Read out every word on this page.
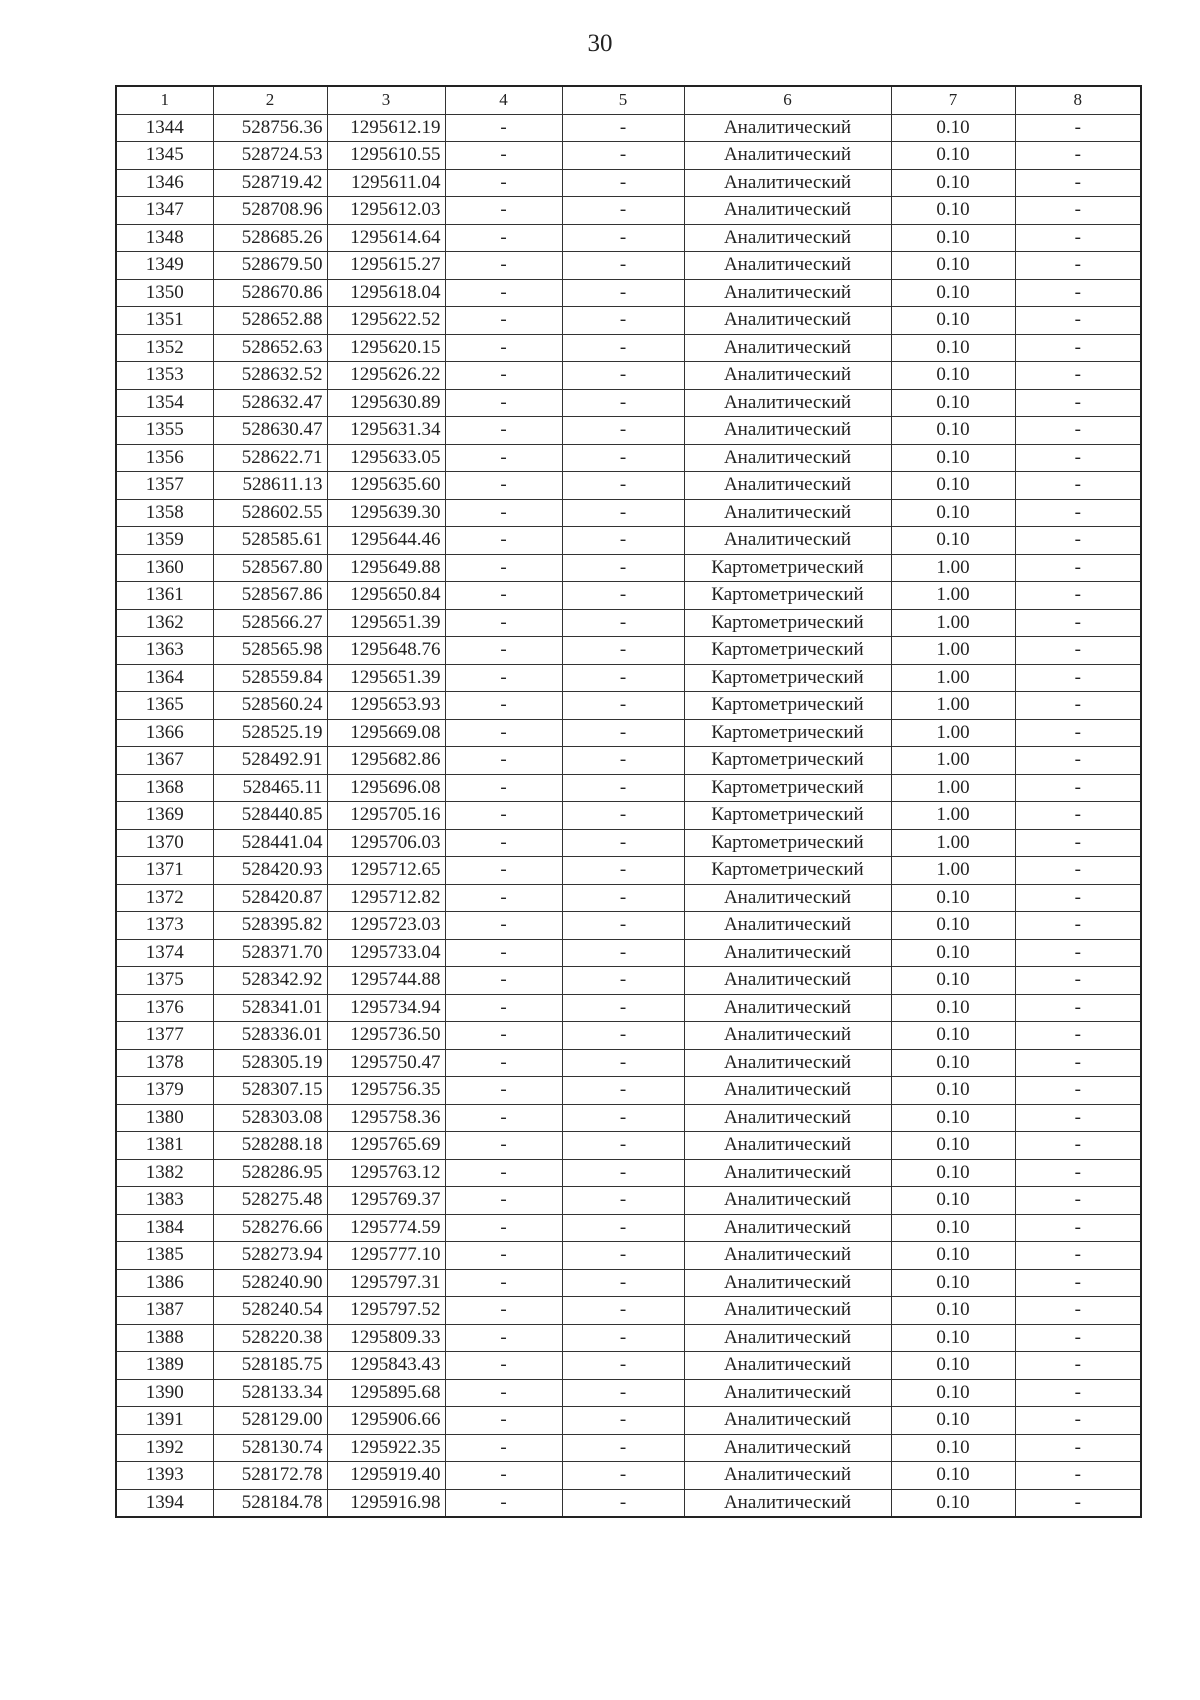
30
1	2	3	4	5	6	7	8
1344	528756.36	1295612.19	-	-	Аналитический	0.10	-
1345	528724.53	1295610.55	-	-	Аналитический	0.10	-
1346	528719.42	1295611.04	-	-	Аналитический	0.10	-
1347	528708.96	1295612.03	-	-	Аналитический	0.10	-
1348	528685.26	1295614.64	-	-	Аналитический	0.10	-
1349	528679.50	1295615.27	-	-	Аналитический	0.10	-
1350	528670.86	1295618.04	-	-	Аналитический	0.10	-
1351	528652.88	1295622.52	-	-	Аналитический	0.10	-
1352	528652.63	1295620.15	-	-	Аналитический	0.10	-
1353	528632.52	1295626.22	-	-	Аналитический	0.10	-
1354	528632.47	1295630.89	-	-	Аналитический	0.10	-
1355	528630.47	1295631.34	-	-	Аналитический	0.10	-
1356	528622.71	1295633.05	-	-	Аналитический	0.10	-
1357	528611.13	1295635.60	-	-	Аналитический	0.10	-
1358	528602.55	1295639.30	-	-	Аналитический	0.10	-
1359	528585.61	1295644.46	-	-	Аналитический	0.10	-
1360	528567.80	1295649.88	-	-	Картометрический	1.00	-
1361	528567.86	1295650.84	-	-	Картометрический	1.00	-
1362	528566.27	1295651.39	-	-	Картометрический	1.00	-
1363	528565.98	1295648.76	-	-	Картометрический	1.00	-
1364	528559.84	1295651.39	-	-	Картометрический	1.00	-
1365	528560.24	1295653.93	-	-	Картометрический	1.00	-
1366	528525.19	1295669.08	-	-	Картометрический	1.00	-
1367	528492.91	1295682.86	-	-	Картометрический	1.00	-
1368	528465.11	1295696.08	-	-	Картометрический	1.00	-
1369	528440.85	1295705.16	-	-	Картометрический	1.00	-
1370	528441.04	1295706.03	-	-	Картометрический	1.00	-
1371	528420.93	1295712.65	-	-	Картометрический	1.00	-
1372	528420.87	1295712.82	-	-	Аналитический	0.10	-
1373	528395.82	1295723.03	-	-	Аналитический	0.10	-
1374	528371.70	1295733.04	-	-	Аналитический	0.10	-
1375	528342.92	1295744.88	-	-	Аналитический	0.10	-
1376	528341.01	1295734.94	-	-	Аналитический	0.10	-
1377	528336.01	1295736.50	-	-	Аналитический	0.10	-
1378	528305.19	1295750.47	-	-	Аналитический	0.10	-
1379	528307.15	1295756.35	-	-	Аналитический	0.10	-
1380	528303.08	1295758.36	-	-	Аналитический	0.10	-
1381	528288.18	1295765.69	-	-	Аналитический	0.10	-
1382	528286.95	1295763.12	-	-	Аналитический	0.10	-
1383	528275.48	1295769.37	-	-	Аналитический	0.10	-
1384	528276.66	1295774.59	-	-	Аналитический	0.10	-
1385	528273.94	1295777.10	-	-	Аналитический	0.10	-
1386	528240.90	1295797.31	-	-	Аналитический	0.10	-
1387	528240.54	1295797.52	-	-	Аналитический	0.10	-
1388	528220.38	1295809.33	-	-	Аналитический	0.10	-
1389	528185.75	1295843.43	-	-	Аналитический	0.10	-
1390	528133.34	1295895.68	-	-	Аналитический	0.10	-
1391	528129.00	1295906.66	-	-	Аналитический	0.10	-
1392	528130.74	1295922.35	-	-	Аналитический	0.10	-
1393	528172.78	1295919.40	-	-	Аналитический	0.10	-
1394	528184.78	1295916.98	-	-	Аналитический	0.10	-
